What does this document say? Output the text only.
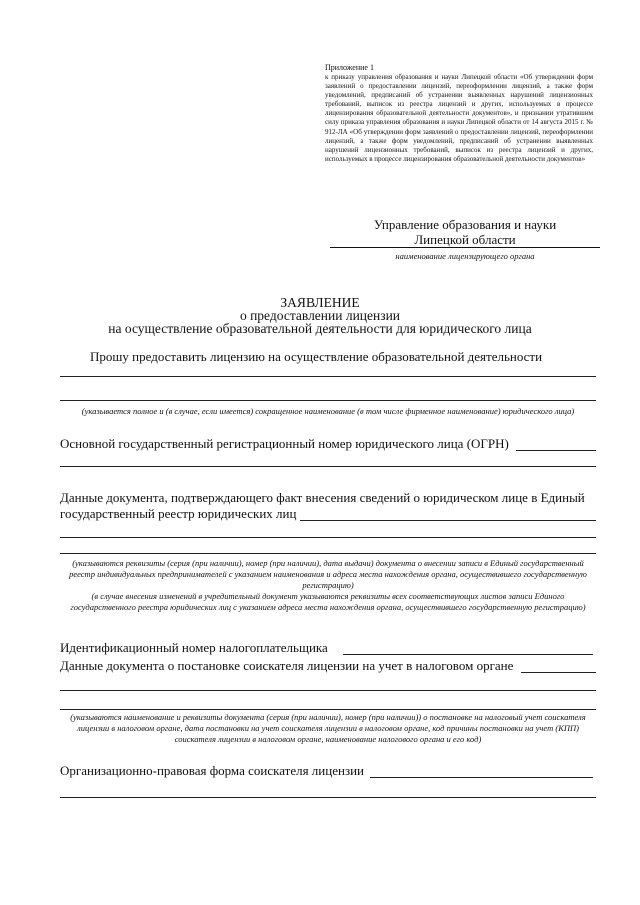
Приложение 1
к приказу управления образования и науки Липецкой области «Об утверждении форм заявлений о предоставлении лицензий, переоформлении лицензий, а также форм уведомлений, предписаний об устранении выявленных нарушений лицензионных требований, выписок из реестра лицензий и других, используемых в процессе лицензирования образовательной деятельности документов», и признании утратившим силу приказа управления образования и науки Липецкой области от 14 августа 2015 г. № 912-ЛА «Об утверждении форм заявлений о предоставлении лицензий, переоформлении лицензий, а также форм уведомлений, предписаний об устранении выявленных нарушений лицензионных требований, выписок из реестра лицензий и других, используемых в процессе лицензирования образовательной деятельности документов»
Управление образования и науки
Липецкой области
наименование лицензирующего органа
ЗАЯВЛЕНИЕ
о предоставлении лицензии
на осуществление образовательной деятельности для юридического лица
Прошу предоставить лицензию на осуществление образовательной деятельности
(указывается полное и (в случае, если имеется) сокращенное наименование (в том числе фирменное наименование) юридического лица)
Основной государственный регистрационный номер юридического лица (ОГРН)
Данные документа, подтверждающего факт внесения сведений о юридическом лице в Единый
государственный реестр юридических лиц
(указываются реквизиты (серия (при наличии), номер (при наличии), дата выдачи) документа о внесении записи в Единый государственный реестр индивидуальных предпринимателей с указанием наименования и адреса места нахождения органа, осуществившего государственную регистрацию)
(в случае внесения изменений в учредительный документ указываются реквизиты всех соответствующих листов записи Единого государственного реестра юридических лиц с указанием адреса места нахождения органа, осуществившего государственную регистрацию)
Идентификационный номер налогоплательщика
Данные документа о постановке соискателя лицензии на учет в налоговом органе
(указываются наименование и реквизиты документа (серия (при наличии), номер (при наличии)) о постановке на налоговый учет соискателя лицензии в налоговом органе, дата постановки на учет соискателя лицензии в налоговом органе, код причины постановки на учет (КПП) соискателя лицензии в налоговом органе, наименование налогового органа и его код)
Организационно-правовая форма соискателя лицензии
